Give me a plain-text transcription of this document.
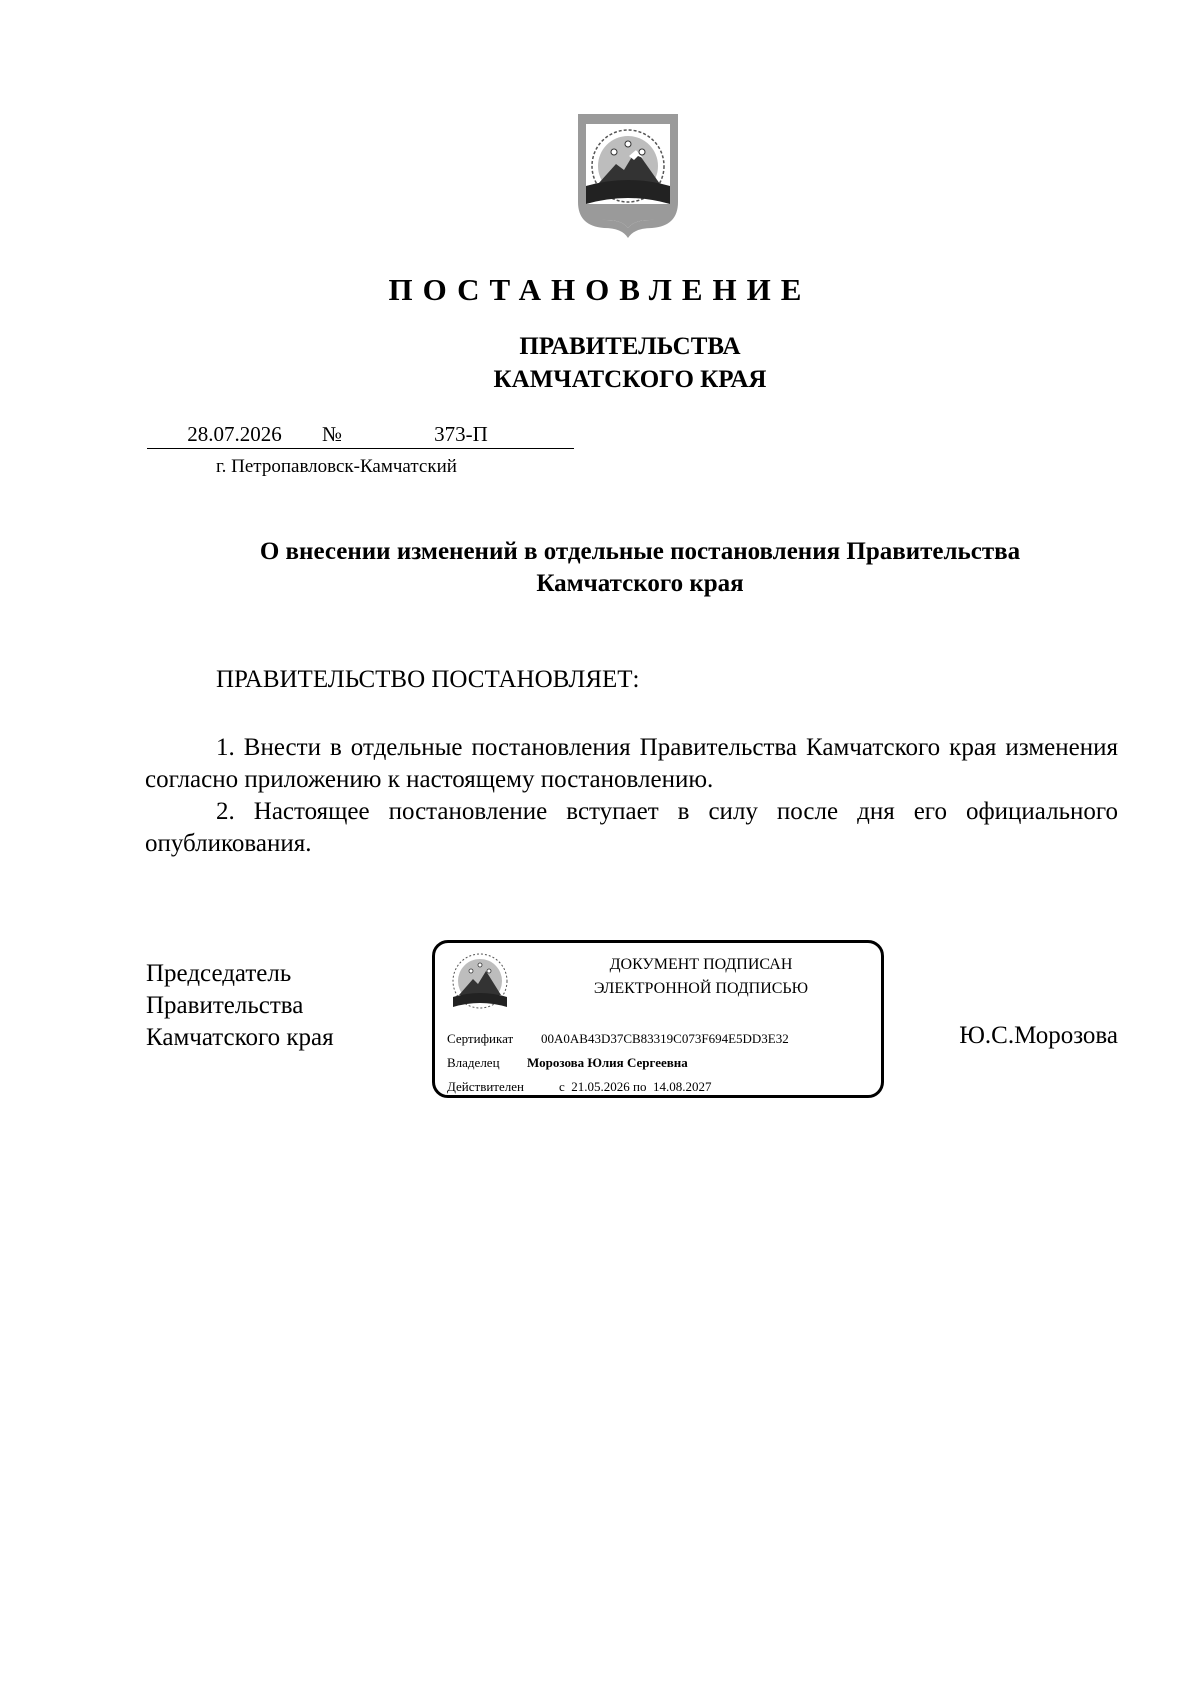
ПОСТАНОВЛЕНИЕ
ПРАВИТЕЛЬСТВА
КАМЧАТСКОГО КРАЯ
28.07.2026	№	373-П
г. Петропавловск-Камчатский
О внесении изменений в отдельные постановления Правительства
Камчатского края
ПРАВИТЕЛЬСТВО ПОСТАНОВЛЯЕТ:

1. Внести в отдельные постановления Правительства Камчатского края изменения согласно приложению к настоящему постановлению.

2. Настоящее постановление вступает в силу после дня его официального опубликования.

Председатель
Правительства
Камчатского края
ДОКУМЕНТ ПОДПИСАН
ЭЛЕКТРОННОЙ ПОДПИСЬЮ
Сертификат 00A0AB43D37CB83319C073F694E5DD3E32
Владелец Морозова Юлия Сергеевна
Действителен	с 21.05.2026 по 14.08.2027
Ю.С.Морозова
